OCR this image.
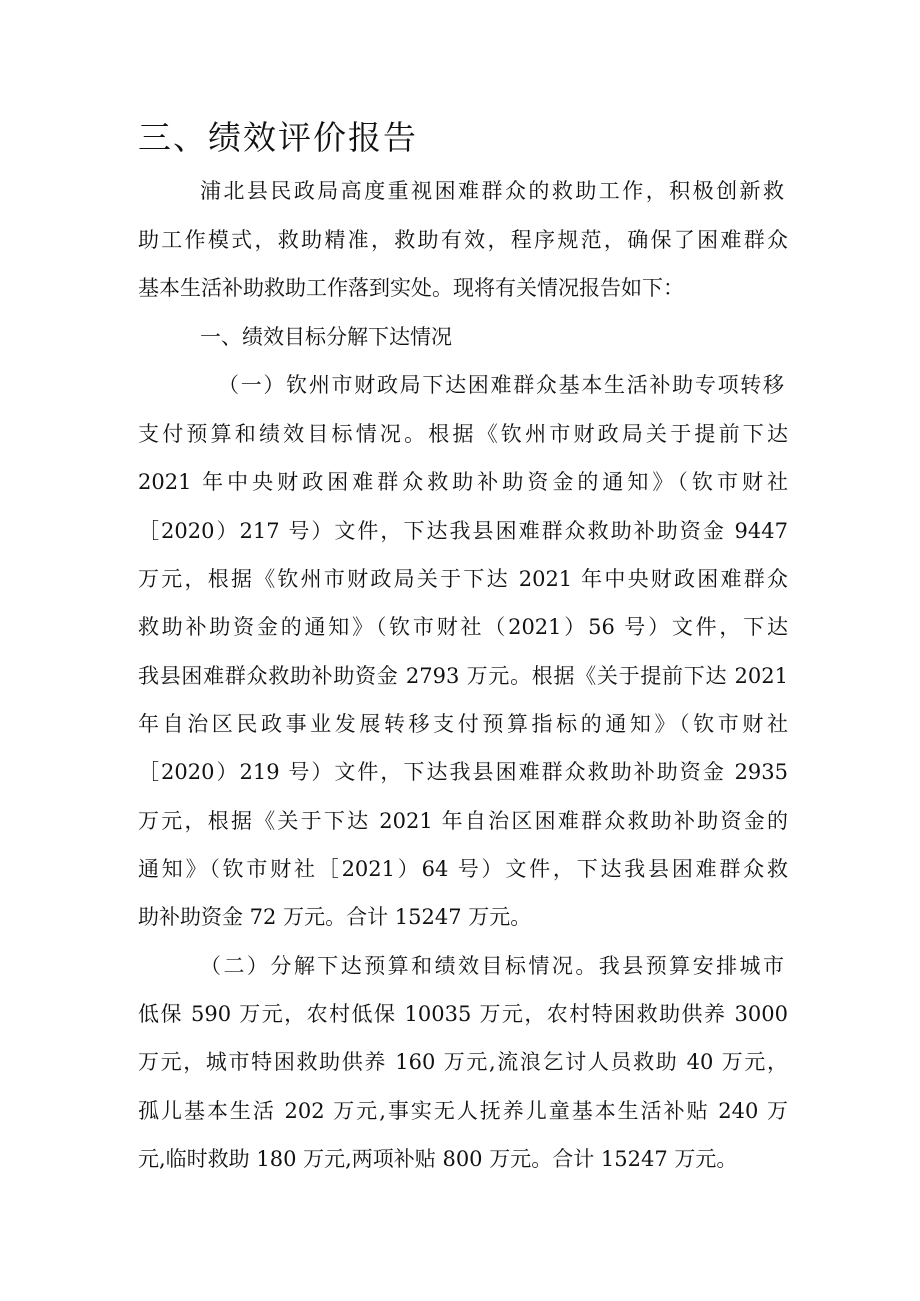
三、绩效评价报告

浦北县民政局高度重视困难群众的救助工作，积极创新救

助工作模式，救助精准，救助有效，程序规范，确保了困难群众

基本生活补助救助工作落到实处。现将有关情况报告如下：

一、绩效目标分解下达情况

（一）钦州市财政局下达困难群众基本生活补助专项转移

支付预算和绩效目标情况。根据《钦州市财政局关于提前下达

2021 年中央财政困难群众救助补助资金的通知》（钦市财社

［2020）217 号）文件，下达我县困难群众救助补助资金 9447

万元，根据《钦州市财政局关于下达 2021 年中央财政困难群众

救助补助资金的通知》（钦市财社（2021）56 号）文件，下达

我县困难群众救助补助资金 2793 万元。根据《关于提前下达 2021

年自治区民政事业发展转移支付预算指标的通知》（钦市财社

［2020）219 号）文件，下达我县困难群众救助补助资金 2935

万元，根据《关于下达 2021 年自治区困难群众救助补助资金的

通知》（钦市财社［2021）64 号）文件，下达我县困难群众救

助补助资金 72 万元。合计 15247 万元。

（二）分解下达预算和绩效目标情况。我县预算安排城市

低保 590 万元，农村低保 10035 万元，农村特困救助供养 3000

万元，城市特困救助供养 160 万元,流浪乞讨人员救助 40 万元，

孤儿基本生活 202 万元,事实无人抚养儿童基本生活补贴 240 万

元,临时救助 180 万元,两项补贴 800 万元。合计 15247 万元。
